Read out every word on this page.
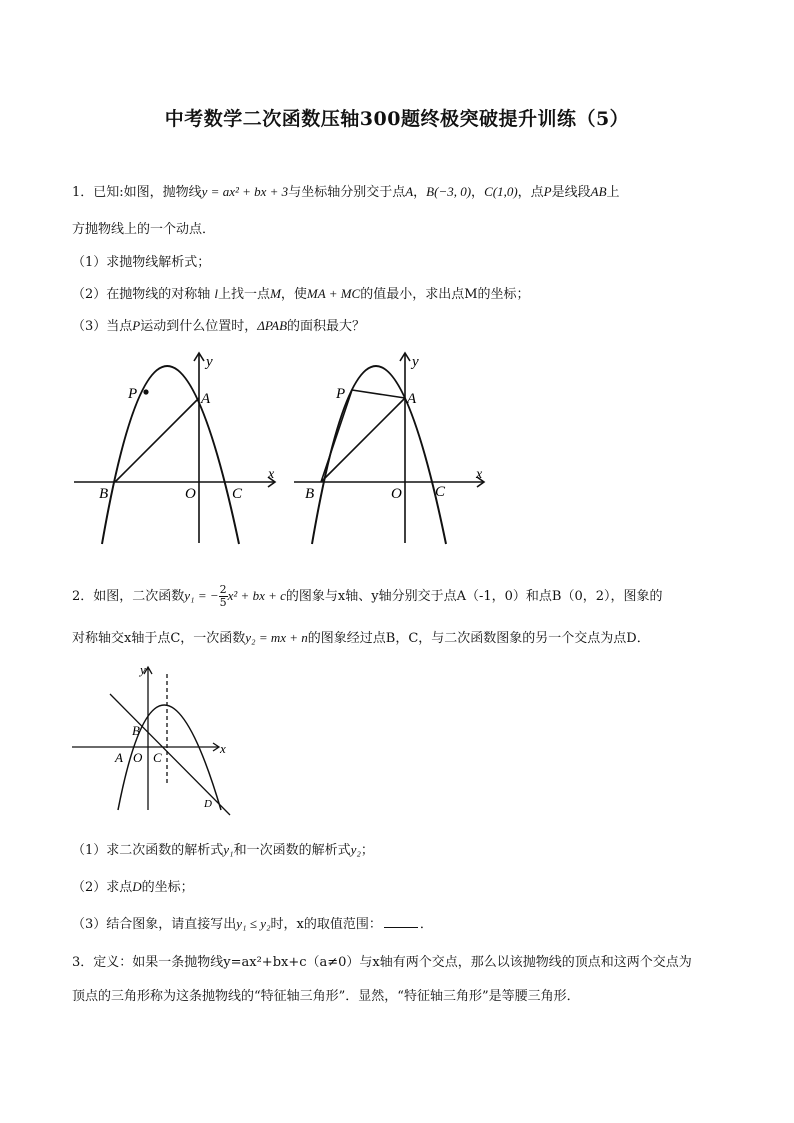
中考数学二次函数压轴300题终极突破提升训练（5）
1．已知:如图，抛物线y = ax² + bx + 3与坐标轴分别交于点A，B(−3, 0)，C(1,0)，点P是线段AB上
方抛物线上的一个动点．
（1）求抛物线解析式；
（2）在抛物线的对称轴 l上找一点M，使MA + MC的值最小，求出点M的坐标；
（3）当点P运动到什么位置时，ΔPAB的面积最大？
y
x
P	A
B	O C
y
x
P	A
B	O C
2．如图，二次函数y₁ = − $\frac{2}{5} x^2$ + bx + c的图象与x轴、y轴分别交于点A（-1，0）和点B（0，2），图象的
对称轴交x轴于点C，一次函数y₂ = mx + n的图象经过点B，C，与二次函数图象的另一个交点为点D．
y
x
A O C
B
D
（1）求二次函数的解析式y₁和一次函数的解析式y₂；
（2）求点D的坐标；
（3）结合图象，请直接写出y₁ ≤ y₂时，x的取值范围：	．
3．定义：如果一条抛物线y=ax²+bx+c（a≠0）与x轴有两个交点，那么以该抛物线的顶点和这两个交点为
顶点的三角形称为这条抛物线的“特征轴三角形”．显然，“特征轴三角形”是等腰三角形．
